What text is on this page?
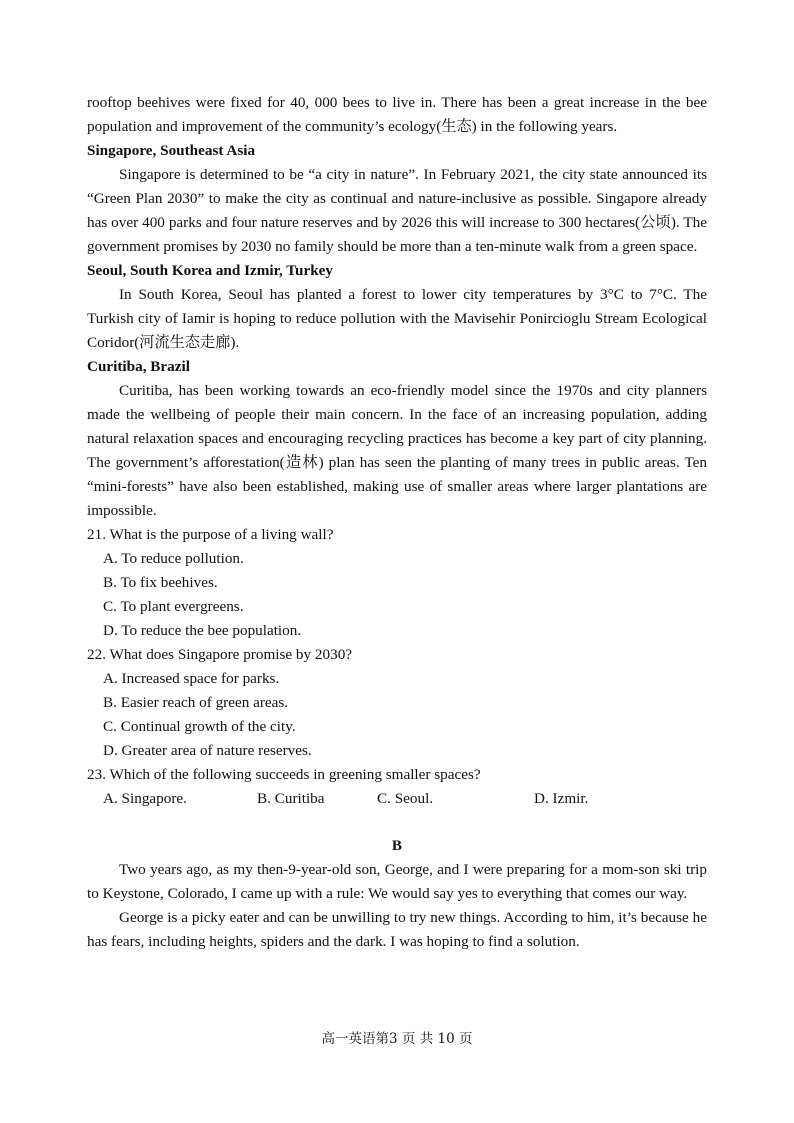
rooftop beehives were fixed for 40, 000 bees to live in. There has been a great increase in the bee population and improvement of the community’s ecology(生态) in the following years.

Singapore, Southeast Asia

Singapore is determined to be “a city in nature”. In February 2021, the city state announced its “Green Plan 2030” to make the city as continual and nature-inclusive as possible. Singapore already has over 400 parks and four nature reserves and by 2026 this will increase to 300 hectares(公顷). The government promises by 2030 no family should be more than a ten-minute walk from a green space.

Seoul, South Korea and Izmir, Turkey

In South Korea, Seoul has planted a forest to lower city temperatures by 3°C to 7°C. The Turkish city of Iamir is hoping to reduce pollution with the Mavisehir Ponircioglu Stream Ecological Coridor(河流生态走廊).

Curitiba, Brazil

Curitiba, has been working towards an eco-friendly model since the 1970s and city planners made the wellbeing of people their main concern. In the face of an increasing population, adding natural relaxation spaces and encouraging recycling practices has become a key part of city planning. The government’s afforestation(造林) plan has seen the planting of many trees in public areas. Ten “mini-forests” have also been established, making use of smaller areas where larger plantations are impossible.

21. What is the purpose of a living wall?

A. To reduce pollution.

B. To fix beehives.

C. To plant evergreens.

D. To reduce the bee population.

22. What does Singapore promise by 2030?

A. Increased space for parks.

B. Easier reach of green areas.

C. Continual growth of the city.

D. Greater area of nature reserves.

23. Which of the following succeeds in greening smaller spaces?

A. Singapore.	B. Curitiba	C. Seoul.	D. Izmir.

B

Two years ago, as my then-9-year-old son, George, and I were preparing for a mom-son ski trip to Keystone, Colorado, I came up with a rule: We would say yes to everything that comes our way.

George is a picky eater and can be unwilling to try new things. According to him, it’s because he has fears, including heights, spiders and the dark. I was hoping to find a solution.

高一英语第3 页 共 10 页
